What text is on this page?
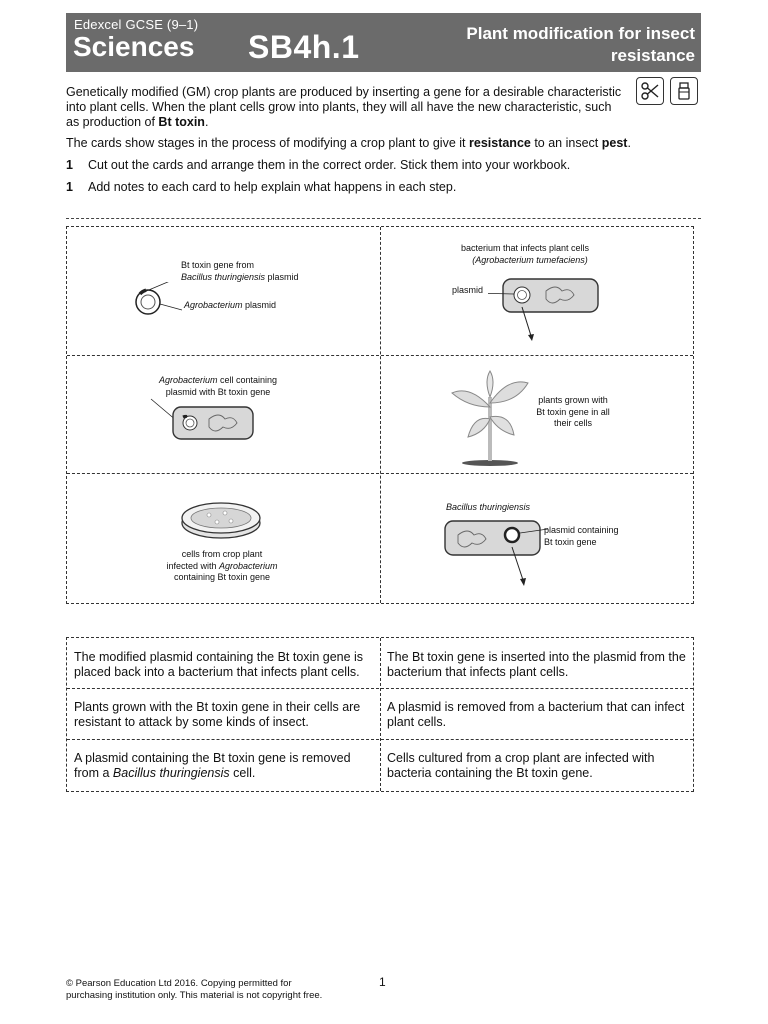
Edexcel GCSE (9–1)
Sciences SB4h.1	Plant modification for insect
resistance

Genetically modified (GM) crop plants are produced by inserting a gene for a desirable characteristic into plant cells. When the plant cells grow into plants, they will all have the new characteristic, such as production of Bt toxin.

The cards show stages in the process of modifying a crop plant to give it resistance to an insect pest.

1 Cut out the cards and arrange them in the correct order. Stick them into your workbook.
1 Add notes to each card to help explain what happens in each step.
Bt toxin gene from
Bacillus thuringiensis plasmid
Agrobacterium plasmid
bacterium that infects plant cells
(Agrobacterium tumefaciens)
plasmid
Agrobacterium cell containing
plasmid with Bt toxin gene
plants grown with
Bt toxin gene in all
their cells
cells from crop plant
infected with Agrobacterium
containing Bt toxin gene
Bacillus thuringiensis
plasmid containing
Bt toxin gene
The modified plasmid containing the Bt toxin gene is placed back into a bacterium that infects plant cells.
The Bt toxin gene is inserted into the plasmid from the bacterium that infects plant cells.
Plants grown with the Bt toxin gene in their cells are resistant to attack by some kinds of insect.
A plasmid is removed from a bacterium that can infect plant cells.
A plasmid containing the Bt toxin gene is removed from a Bacillus thuringiensis cell.
Cells cultured from a crop plant are infected with bacteria containing the Bt toxin gene.
© Pearson Education Ltd 2016. Copying permitted for
purchasing institution only. This material is not copyright free.
1
